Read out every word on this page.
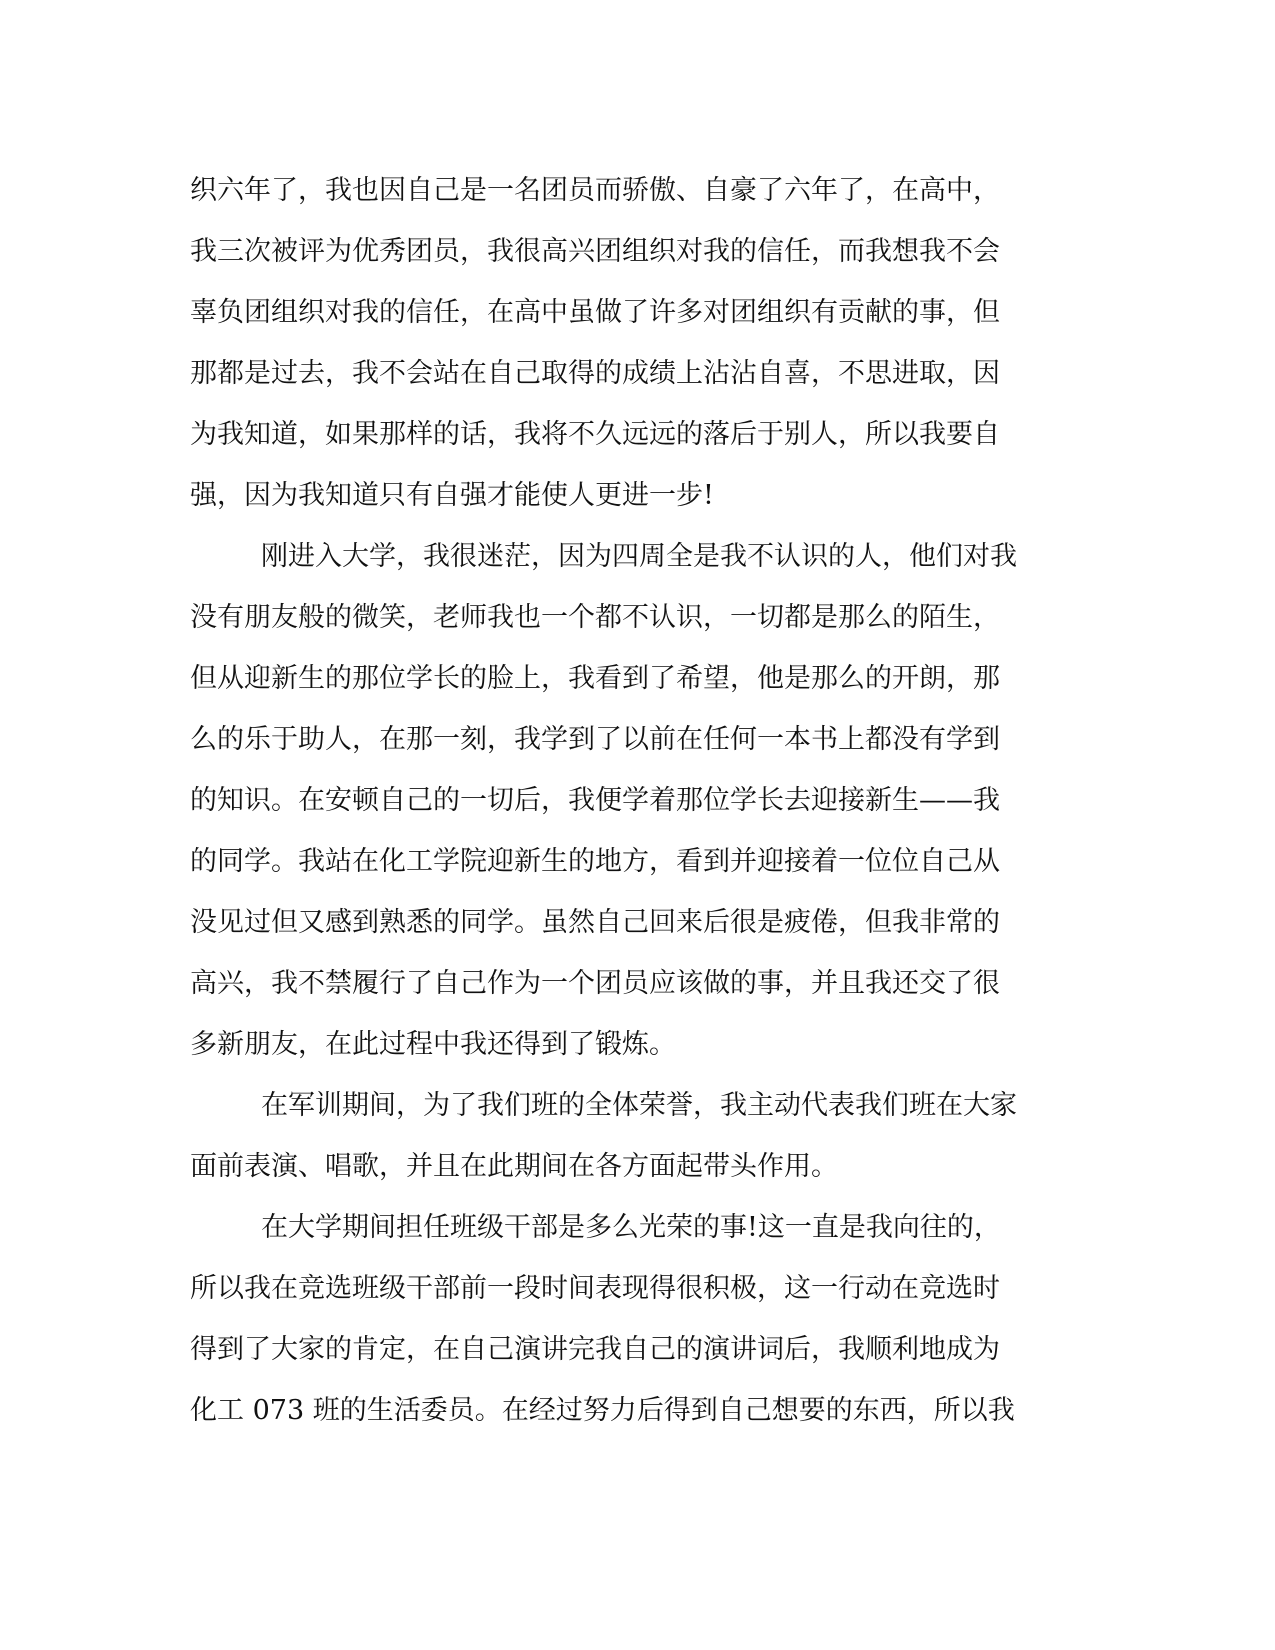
织六年了，我也因自己是一名团员而骄傲、自豪了六年了，在高中，

我三次被评为优秀团员，我很高兴团组织对我的信任，而我想我不会

辜负团组织对我的信任，在高中虽做了许多对团组织有贡献的事，但

那都是过去，我不会站在自己取得的成绩上沾沾自喜，不思进取，因

为我知道，如果那样的话，我将不久远远的落后于别人，所以我要自

强，因为我知道只有自强才能使人更进一步!

刚进入大学，我很迷茫，因为四周全是我不认识的人，他们对我

没有朋友般的微笑，老师我也一个都不认识，一切都是那么的陌生，

但从迎新生的那位学长的脸上，我看到了希望，他是那么的开朗，那

么的乐于助人，在那一刻，我学到了以前在任何一本书上都没有学到

的知识。在安顿自己的一切后，我便学着那位学长去迎接新生——我

的同学。我站在化工学院迎新生的地方，看到并迎接着一位位自己从

没见过但又感到熟悉的同学。虽然自己回来后很是疲倦，但我非常的

高兴，我不禁履行了自己作为一个团员应该做的事，并且我还交了很

多新朋友，在此过程中我还得到了锻炼。

在军训期间，为了我们班的全体荣誉，我主动代表我们班在大家

面前表演、唱歌，并且在此期间在各方面起带头作用。

在大学期间担任班级干部是多么光荣的事!这一直是我向往的，

所以我在竞选班级干部前一段时间表现得很积极，这一行动在竞选时

得到了大家的肯定，在自己演讲完我自己的演讲词后，我顺利地成为

化工 073 班的生活委员。在经过努力后得到自己想要的东西，所以我
